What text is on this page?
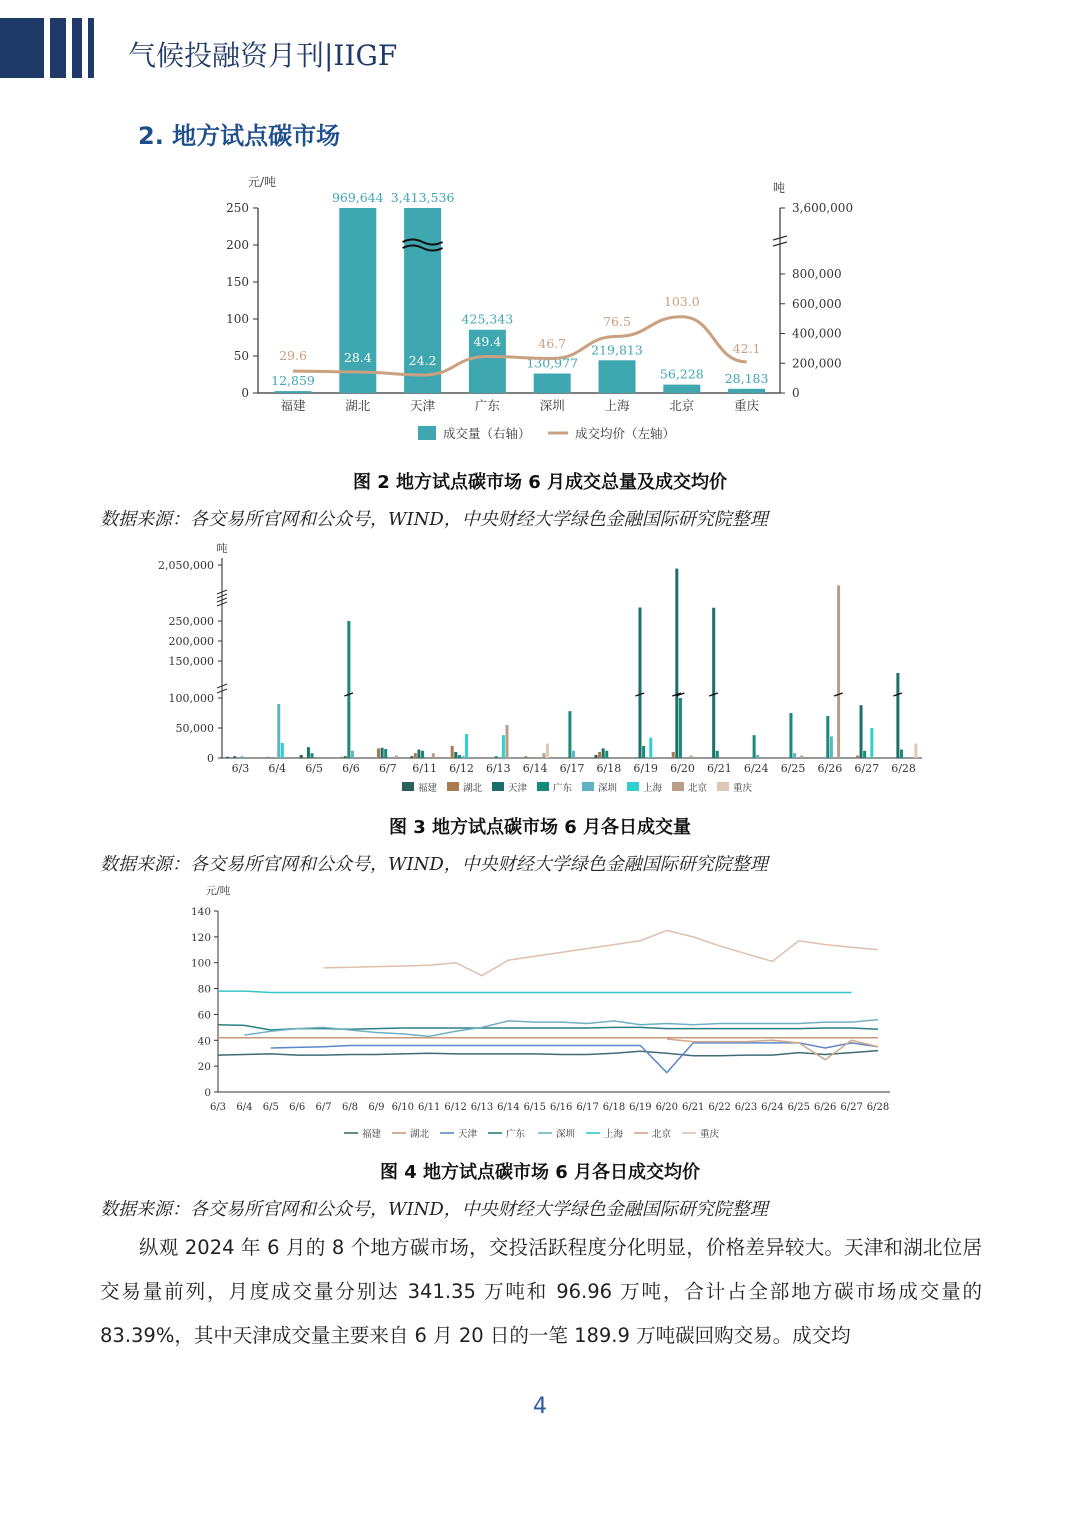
气候投融资月刊|IIGF
2. 地方试点碳市场
元/吨	吨
0
50
100
150
200
250
0
200,000
400,000
600,000
800,000
3,600,000
12,859
福建
969,644
湖北
3,413,536
天津
425,343
广东
130,977
深圳
219,813
上海
56,228
北京
28,183
重庆
29.6	28.4	24.2
49.4	46.7
76.5
103.0
42.1
成交量（右轴）	成交均价（左轴）
图 2 地方试点碳市场 6 月成交总量及成交均价
数据来源：各交易所官网和公众号，WIND，中央财经大学绿色金融国际研究院整理
吨
0
50,000
100,000
150,000
200,000
250,000
2,050,000
6/3 6/4 6/5 6/6 6/7 6/11 6/12 6/13 6/14 6/17 6/18 6/19 6/20 6/21 6/24 6/25 6/26 6/27 6/28
福建	湖北	天津	广东	深圳	上海	北京	重庆
图 3 地方试点碳市场 6 月各日成交量
数据来源：各交易所官网和公众号，WIND，中央财经大学绿色金融国际研究院整理
元/吨
0
20
40
60
80
100
120
140
6/3 6/4 6/5 6/6 6/7 6/8 6/9 6/10 6/11 6/12 6/13 6/14 6/15 6/16 6/17 6/18 6/19 6/20 6/21 6/22 6/23 6/24 6/25 6/26 6/27 6/28
福建	湖北	天津	广东	深圳	上海	北京	重庆
图 4 地方试点碳市场 6 月各日成交均价
数据来源：各交易所官网和公众号，WIND，中央财经大学绿色金融国际研究院整理
纵观 2024 年 6 月的 8 个地方碳市场，交投活跃程度分化明显，价格差异较大。天津和湖北位居交易量前列，月度成交量分别达 341.35 万吨和 96.96 万吨，合计占全部地方碳市场成交量的 83.39%，其中天津成交量主要来自 6 月 20 日的一笔 189.9 万吨碳回购交易。成交均
4
